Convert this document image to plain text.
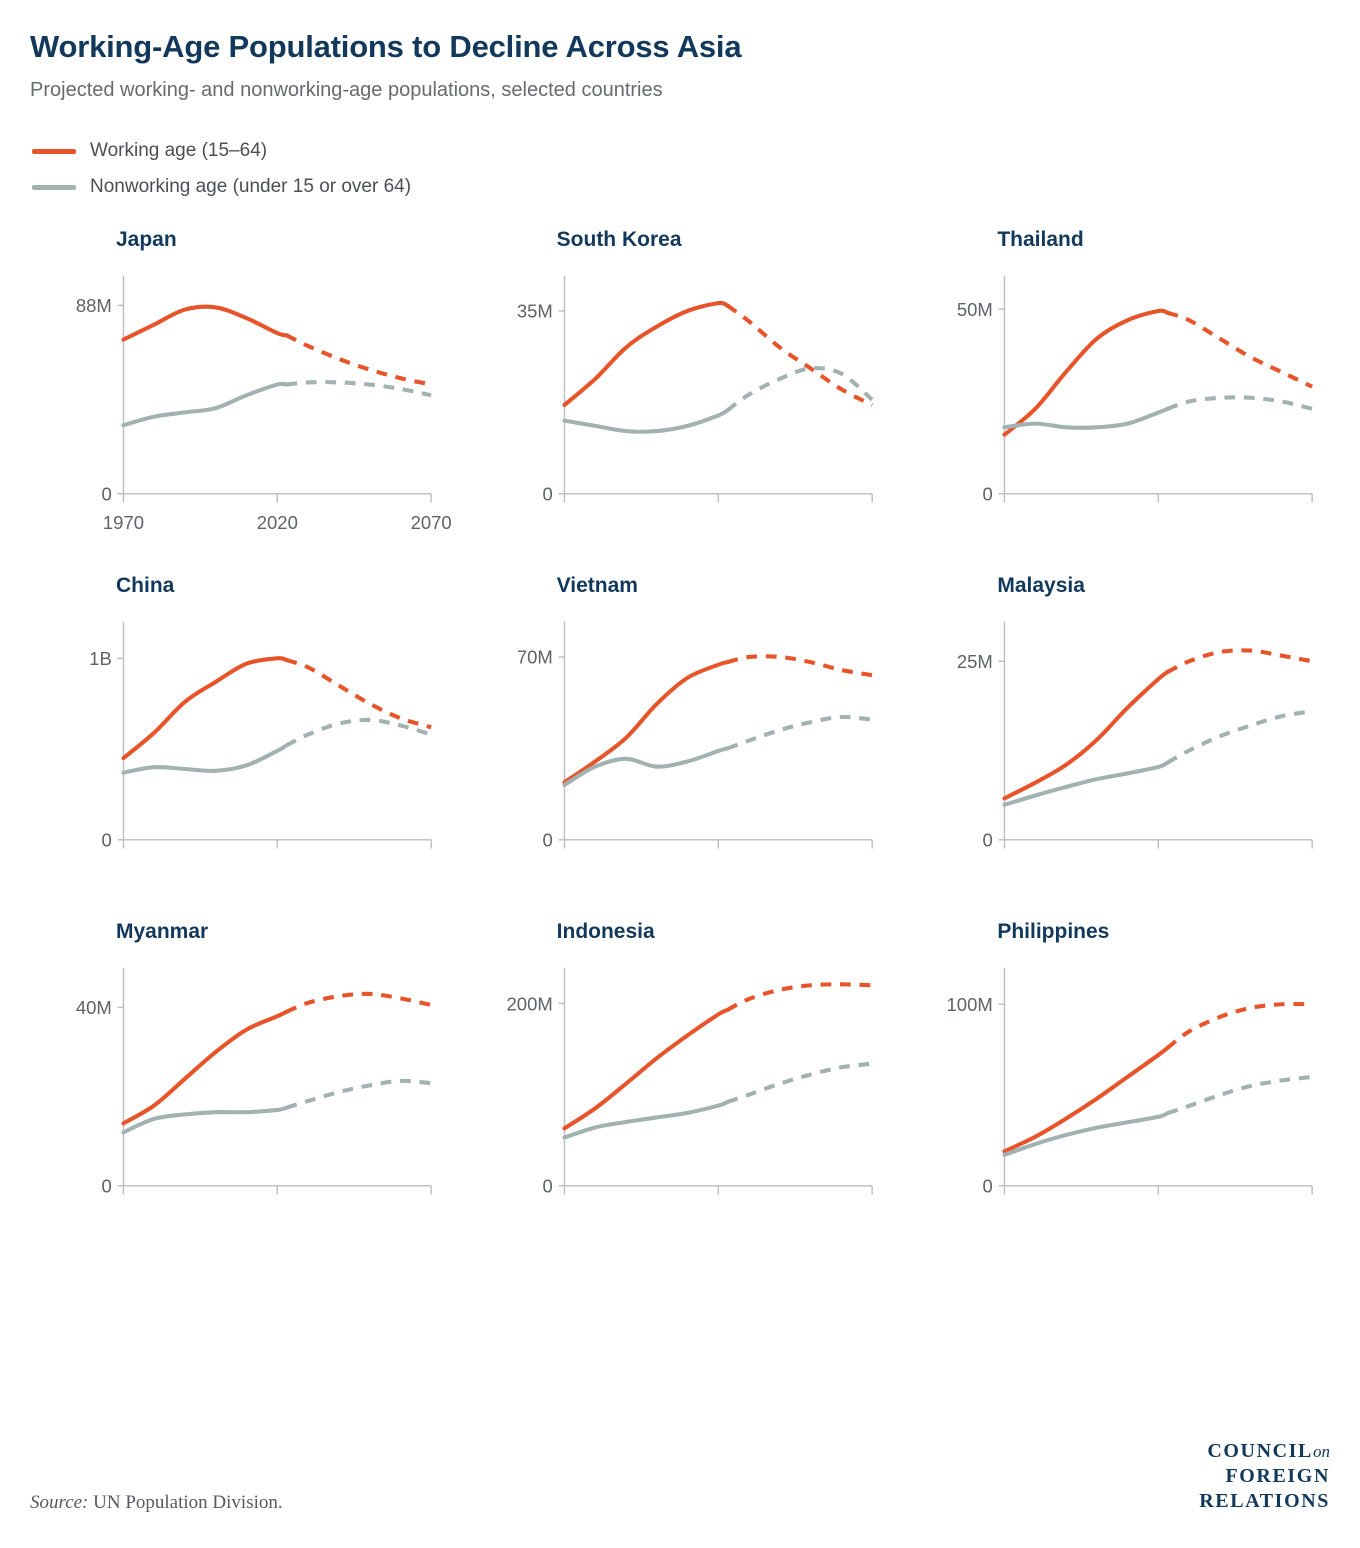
Working-Age Populations to Decline Across Asia
Projected working- and nonworking-age populations, selected countries
Working age (15–64)
Nonworking age (under 15 or over 64)
Japan
0
88M
1970	2020	2070
South Korea
0
35M
Thailand
0
50M
China
0
1B
Vietnam
0
70M
Malaysia
0
25M
Myanmar
0
40M
Indonesia
0
200M
Philippines
0
100M
Source: UN Population Division.
COUNCILon
FOREIGN
RELATIONS
